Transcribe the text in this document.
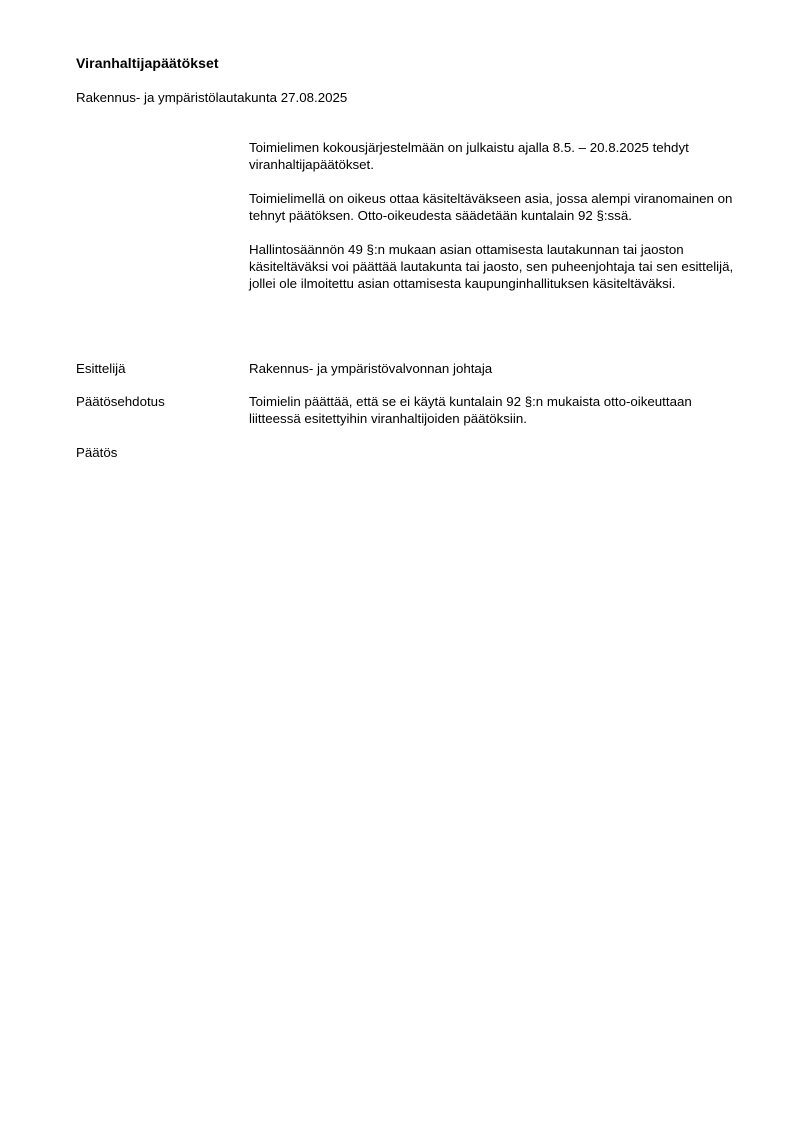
Viranhaltijapäätökset
Rakennus- ja ympäristölautakunta 27.08.2025

Toimielimen kokousjärjestelmään on julkaistu ajalla 8.5. – 20.8.2025 tehdyt viranhaltijapäätökset.

Toimielimellä on oikeus ottaa käsiteltäväkseen asia, jossa alempi viranomainen on tehnyt päätöksen. Otto-oikeudesta säädetään kuntalain 92 §:ssä.

Hallintosäännön 49 §:n mukaan asian ottamisesta lautakunnan tai jaoston käsiteltäväksi voi päättää lautakunta tai jaosto, sen puheenjohtaja tai sen esittelijä, jollei ole ilmoitettu asian ottamisesta kaupunginhallituksen käsiteltäväksi.

Esittelijä	Rakennus- ja ympäristövalvonnan johtaja
Päätösehdotus	Toimielin päättää, että se ei käytä kuntalain 92 §:n mukaista otto-oikeuttaan liitteessä esitettyihin viranhaltijoiden päätöksiin.
Päätös
